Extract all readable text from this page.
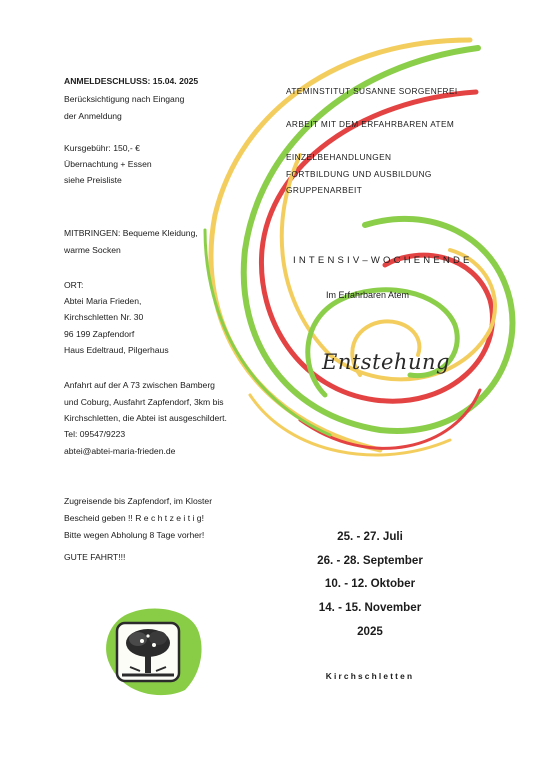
ANMELDESCHLUSS: 15.04. 2025
Berücksichtigung nach Eingang
der Anmeldung
Kursgebühr: 150,- €
Übernachtung + Essen
siehe Preisliste
MITBRINGEN: Bequeme Kleidung,
warme Socken
ORT:
Abtei Maria Frieden,
Kirchschletten Nr. 30
96 199 Zapfendorf
Haus Edeltraud, Pilgerhaus
Anfahrt auf der A 73 zwischen Bamberg
und Coburg, Ausfahrt Zapfendorf, 3km bis
Kirchschletten, die Abtei ist ausgeschildert.
Tel: 09547/9223
abtei@abtei-maria-frieden.de
Zugreisende bis Zapfendorf, im Kloster
Bescheid geben !! R e c h t z e i t i g!
Bitte wegen Abholung 8 Tage vorher!
GUTE FAHRT!!!
ATEMINSTITUT SUSANNE SORGENFREI
ARBEIT MIT DEM ERFAHRBAREN ATEM
EINZELBEHANDLUNGEN
FORTBILDUNG UND AUSBILDUNG
GRUPPENARBEIT
INTENSIV–WOCHENENDE
Im Erfahrbaren Atem
Entstehung
25. - 27. Juli
26. - 28. September
10. - 12. Oktober
14. - 15. November
2025
Kirchschletten
